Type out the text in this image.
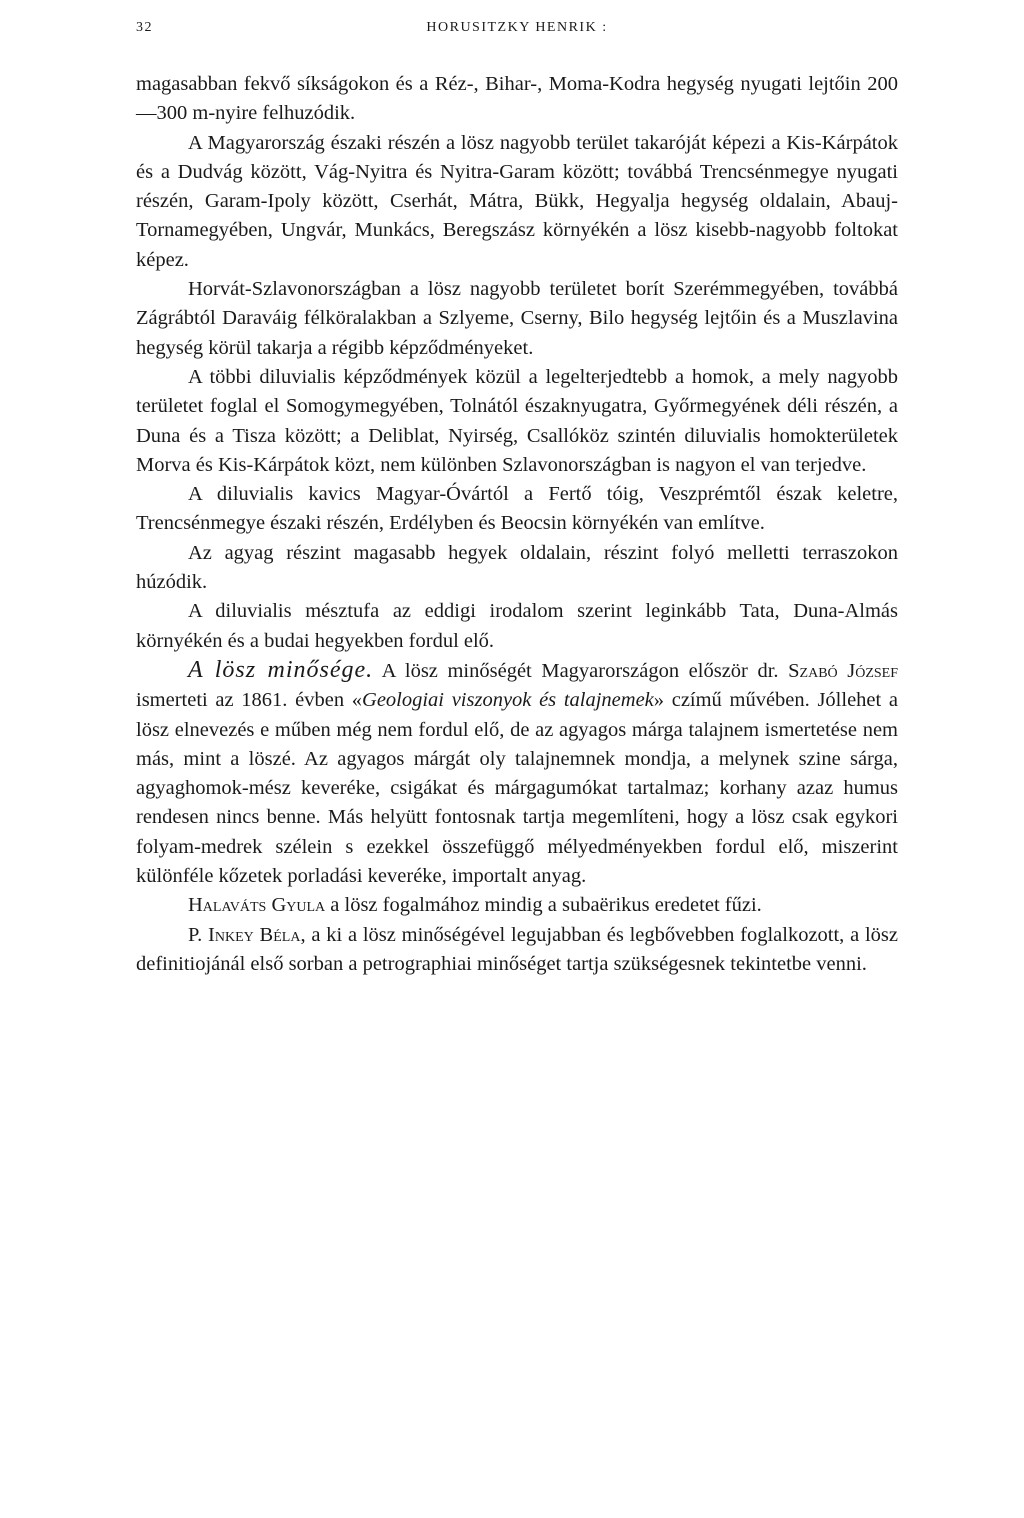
32	HORUSITZKY HENRIK :

magasabban fekvő síkságokon és a Réz-, Bihar-, Moma-Kodra hegység nyugati lejtőin 200—300 m-nyire felhuzódik.

A Magyarország északi részén a lösz nagyobb terület takaróját képezi a Kis-Kárpátok és a Dudvág között, Vág-Nyitra és Nyitra-Garam között; továbbá Trencsénmegye nyugati részén, Garam-Ipoly között, Cserhát, Mátra, Bükk, Hegyalja hegység oldalain, Abauj-Tornamegyében, Ungvár, Munkács, Beregszász környékén a lösz kisebb-nagyobb foltokat képez.

Horvát-Szlavonországban a lösz nagyobb területet borít Szerémmegyében, továbbá Zágrábtól Daraváig félköralakban a Szlyeme, Cserny, Bilo hegység lejtőin és a Muszlavina hegység körül takarja a régibb képződményeket.

A többi diluvialis képződmények közül a legelterjedtebb a homok, a mely nagyobb területet foglal el Somogymegyében, Tolnától északnyugatra, Győrmegyének déli részén, a Duna és a Tisza között; a Deliblat, Nyirség, Csallóköz szintén diluvialis homokterületek Morva és Kis-Kárpátok közt, nem különben Szlavonországban is nagyon el van terjedve.

A diluvialis kavics Magyar-Óvártól a Fertő tóig, Veszprémtől észak keletre, Trencsénmegye északi részén, Erdélyben és Beocsin környékén van említve.

Az agyag részint magasabb hegyek oldalain, részint folyó melletti terraszokon húzódik.

A diluvialis mésztufa az eddigi irodalom szerint leginkább Tata, Duna-Almás környékén és a budai hegyekben fordul elő.

A lösz minősége. A lösz minőségét Magyarországon először dr. Szabó József ismerteti az 1861. évben «Geologiai viszonyok és talajnemek» czímű művében. Jóllehet a lösz elnevezés e műben még nem fordul elő, de az agyagos márga talajnem ismertetése nem más, mint a löszé. Az agyagos márgát oly talajnemnek mondja, a melynek szine sárga, agyaghomok-mész keveréke, csigákat és márgagumókat tartalmaz; korhany azaz humus rendesen nincs benne. Más helyütt fontosnak tartja megemlíteni, hogy a lösz csak egykori folyam-medrek szélein s ezekkel összefüggő mélyedményekben fordul elő, miszerint különféle kőzetek porladási keveréke, importalt anyag.

Halaváts Gyula a lösz fogalmához mindig a subaërikus eredetet fűzi.

P. Inkey Béla, a ki a lösz minőségével legujabban és legbővebben foglalkozott, a lösz definitiojánál első sorban a petrographiai minőséget tartja szükségesnek tekintetbe venni.
